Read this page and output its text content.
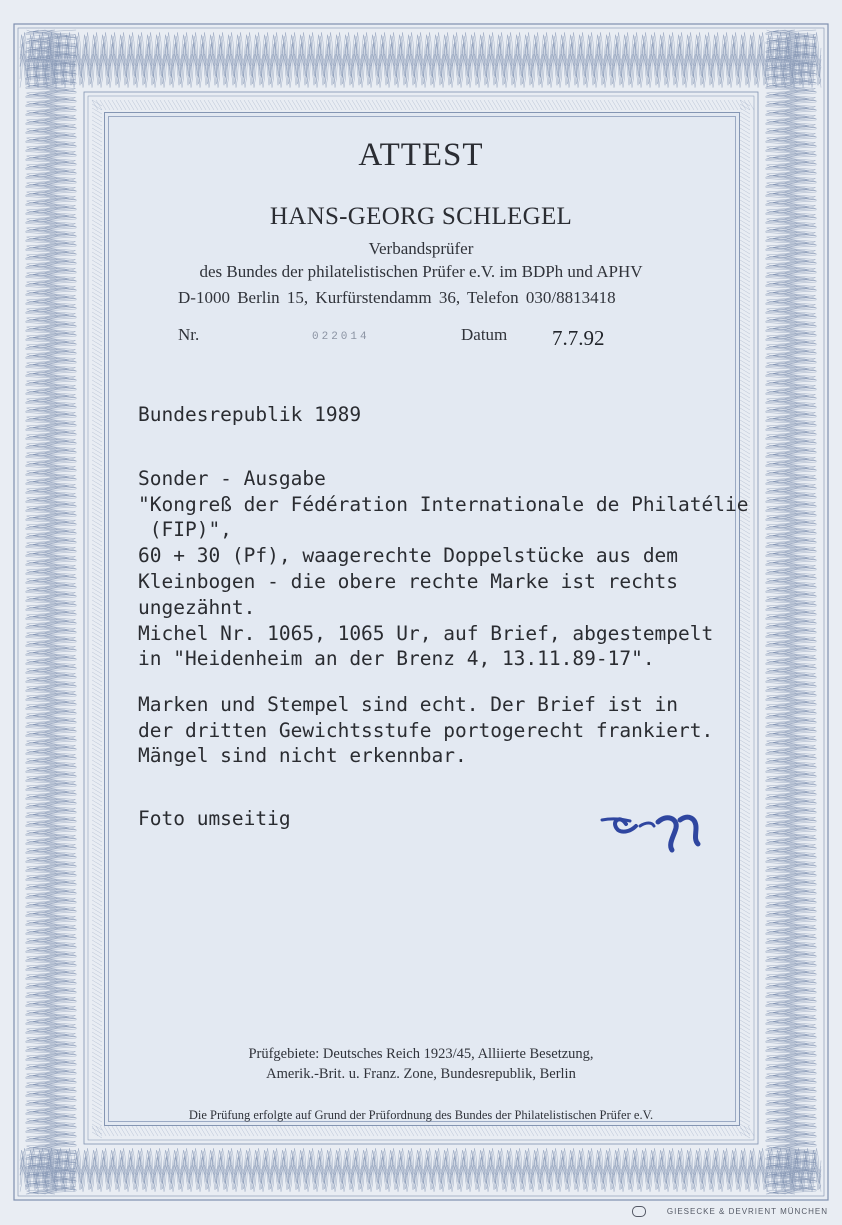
ATTEST
HANS-GEORG SCHLEGEL
Verbandsprüfer
des Bundes der philatelistischen Prüfer e.V. im BDPh und APHV
D-1000 Berlin 15, Kurfürstendamm 36, Telefon 030/8813418
Nr.	022014	Datum 7.7.92
Bundesrepublik 1989
Sonder - Ausgabe
"Kongreß der Fédération Internationale de Philatélie
(FIP)",
60 + 30 (Pf), waagerechte Doppelstücke aus dem
Kleinbogen - die obere rechte Marke ist rechts
ungezähnt.
Michel Nr. 1065, 1065 Ur, auf Brief, abgestempelt
in "Heidenheim an der Brenz 4, 13.11.89-17".
Marken und Stempel sind echt. Der Brief ist in
der dritten Gewichtsstufe portogerecht frankiert.
Mängel sind nicht erkennbar.
Foto umseitig
Prüfgebiete: Deutsches Reich 1923/45, Alliierte Besetzung,
Amerik.-Brit. u. Franz. Zone, Bundesrepublik, Berlin
Die Prüfung erfolgte auf Grund der Prüfordnung des Bundes der Philatelistischen Prüfer e.V.
GIESECKE & DEVRIENT MÜNCHEN
